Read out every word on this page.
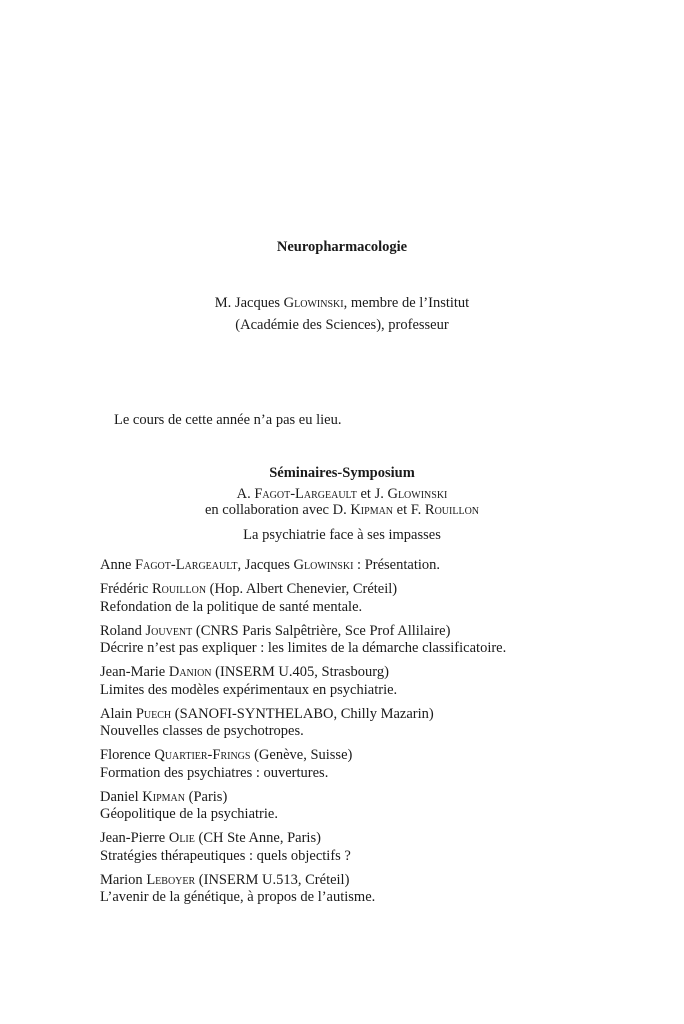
Neuropharmacologie
M. Jacques Glowinski, membre de l’Institut
(Académie des Sciences), professeur
Le cours de cette année n’a pas eu lieu.
Séminaires-Symposium
A. Fagot-Largeault et J. Glowinski
en collaboration avec D. Kipman et F. Rouillon
La psychiatrie face à ses impasses
Anne Fagot-Largeault, Jacques Glowinski : Présentation.
Frédéric Rouillon (Hop. Albert Chenevier, Créteil)
Refondation de la politique de santé mentale.
Roland Jouvent (CNRS Paris Salpêtrière, Sce Prof Allilaire)
Décrire n’est pas expliquer : les limites de la démarche classificatoire.
Jean-Marie Danion (INSERM U.405, Strasbourg)
Limites des modèles expérimentaux en psychiatrie.
Alain Puech (SANOFI-SYNTHELABO, Chilly Mazarin)
Nouvelles classes de psychotropes.
Florence Quartier-Frings (Genève, Suisse)
Formation des psychiatres : ouvertures.
Daniel Kipman (Paris)
Géopolitique de la psychiatrie.
Jean-Pierre Olie (CH Ste Anne, Paris)
Stratégies thérapeutiques : quels objectifs ?
Marion Leboyer (INSERM U.513, Créteil)
L’avenir de la génétique, à propos de l’autisme.
